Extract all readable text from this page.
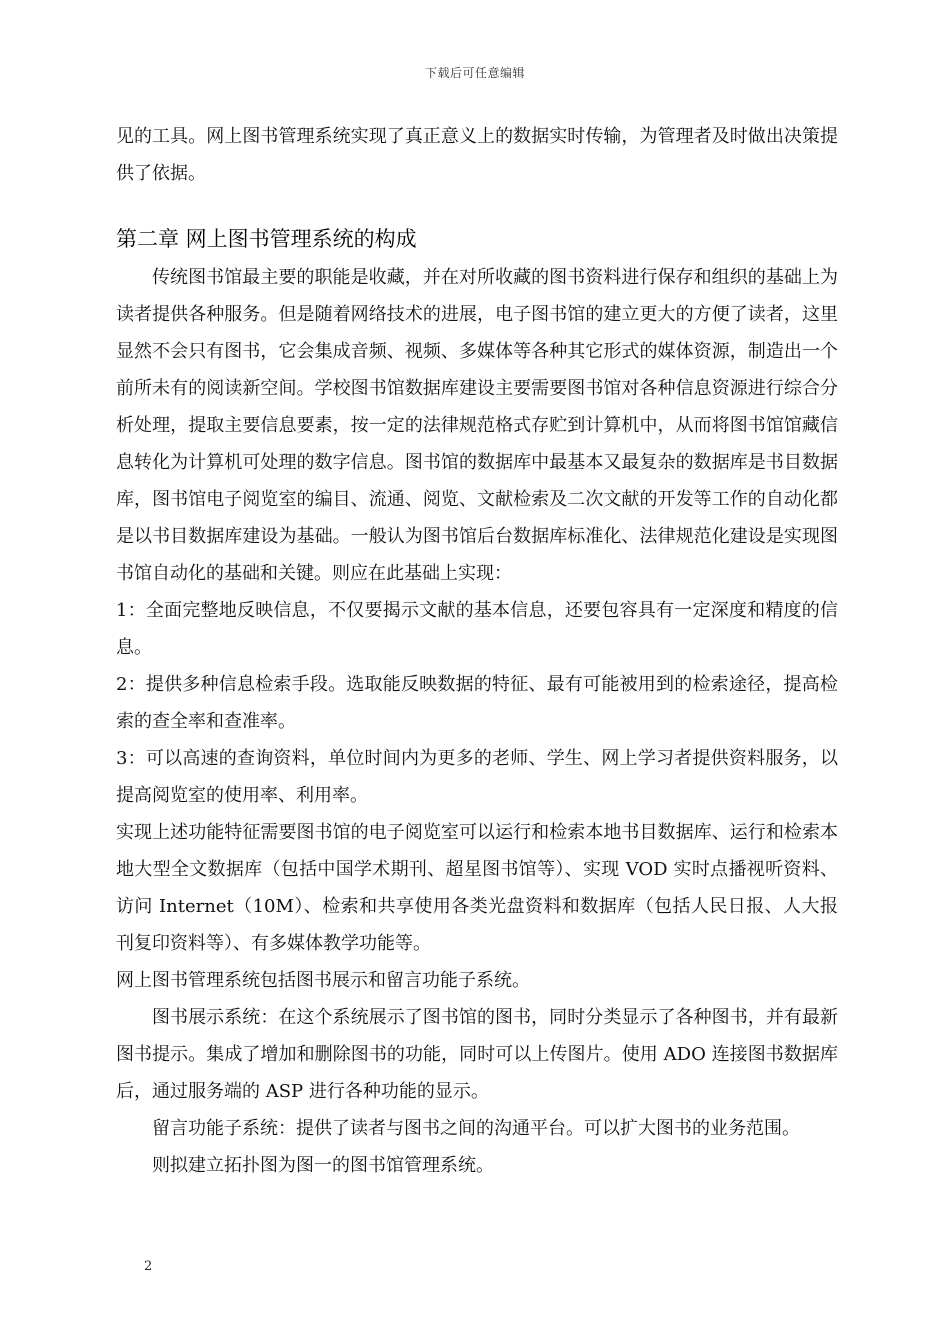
下载后可任意编辑

见的工具。网上图书管理系统实现了真正意义上的数据实时传输，为管理者及时做出决策提供了依据。

第二章 网上图书管理系统的构成

传统图书馆最主要的职能是收藏，并在对所收藏的图书资料进行保存和组织的基础上为读者提供各种服务。但是随着网络技术的进展，电子图书馆的建立更大的方便了读者，这里显然不会只有图书，它会集成音频、视频、多媒体等各种其它形式的媒体资源，制造出一个前所未有的阅读新空间。学校图书馆数据库建设主要需要图书馆对各种信息资源进行综合分析处理，提取主要信息要素，按一定的法律规范格式存贮到计算机中，从而将图书馆馆藏信息转化为计算机可处理的数字信息。图书馆的数据库中最基本又最复杂的数据库是书目数据库，图书馆电子阅览室的编目、流通、阅览、文献检索及二次文献的开发等工作的自动化都是以书目数据库建设为基础。一般认为图书馆后台数据库标准化、法律规范化建设是实现图书馆自动化的基础和关键。则应在此基础上实现：

1：全面完整地反映信息，不仅要揭示文献的基本信息，还要包容具有一定深度和精度的信息。

2：提供多种信息检索手段。选取能反映数据的特征、最有可能被用到的检索途径，提高检索的查全率和查准率。

3：可以高速的查询资料，单位时间内为更多的老师、学生、网上学习者提供资料服务，以提高阅览室的使用率、利用率。

实现上述功能特征需要图书馆的电子阅览室可以运行和检索本地书目数据库、运行和检索本地大型全文数据库（包括中国学术期刊、超星图书馆等）、实现 VOD 实时点播视听资料、访问 Internet（10M）、检索和共享使用各类光盘资料和数据库（包括人民日报、人大报刊复印资料等）、有多媒体教学功能等。

网上图书管理系统包括图书展示和留言功能子系统。

图书展示系统：在这个系统展示了图书馆的图书，同时分类显示了各种图书，并有最新图书提示。集成了增加和删除图书的功能，同时可以上传图片。使用 ADO 连接图书数据库后，通过服务端的 ASP 进行各种功能的显示。

留言功能子系统：提供了读者与图书之间的沟通平台。可以扩大图书的业务范围。

则拟建立拓扑图为图一的图书馆管理系统。

2
